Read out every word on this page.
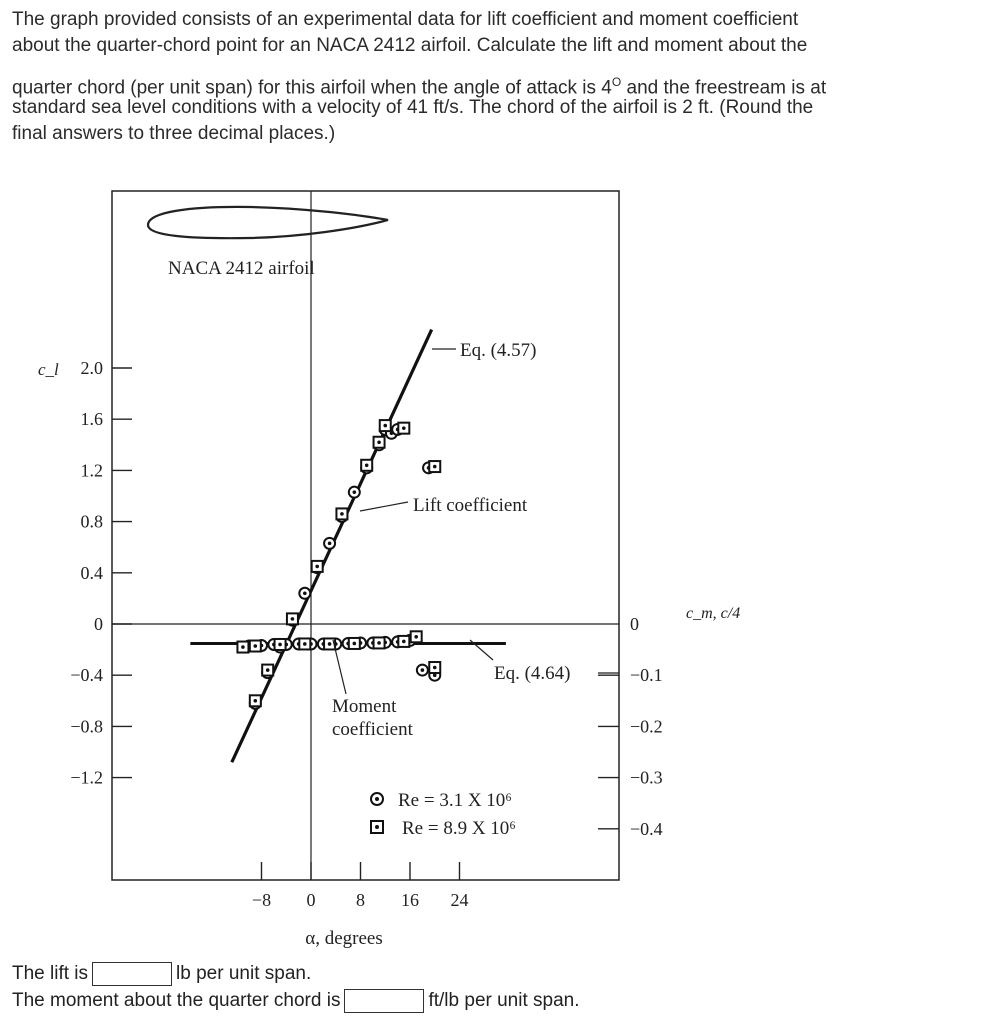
The graph provided consists of an experimental data for lift coefficient and moment coefficient

about the quarter-chord point for an NACA 2412 airfoil. Calculate the lift and moment about the

quarter chord (per unit span) for this airfoil when the angle of attack is $4^O$ and the freestream is at

standard sea level conditions with a velocity of 41 ft/s. The chord of the airfoil is 2 ft. (Round the

final answers to three decimal places.)

NACA 2412 airfoil
c_l 2.0
1.6
1.2
0.8
0.4
0
−0.4
−0.8
−1.2
c_m, c/4
0
−0.1
−0.2
−0.3
−0.4
−8 0 8 16 24
α, degrees
Eq. (4.57)
Lift coefficient
Eq. (4.64)
Moment
coefficient
Re = 3.1 X 10⁶
Re = 8.9 X 10⁶
The lift is	lb per unit span.
The moment about the quarter chord is	ft/lb per unit span.
